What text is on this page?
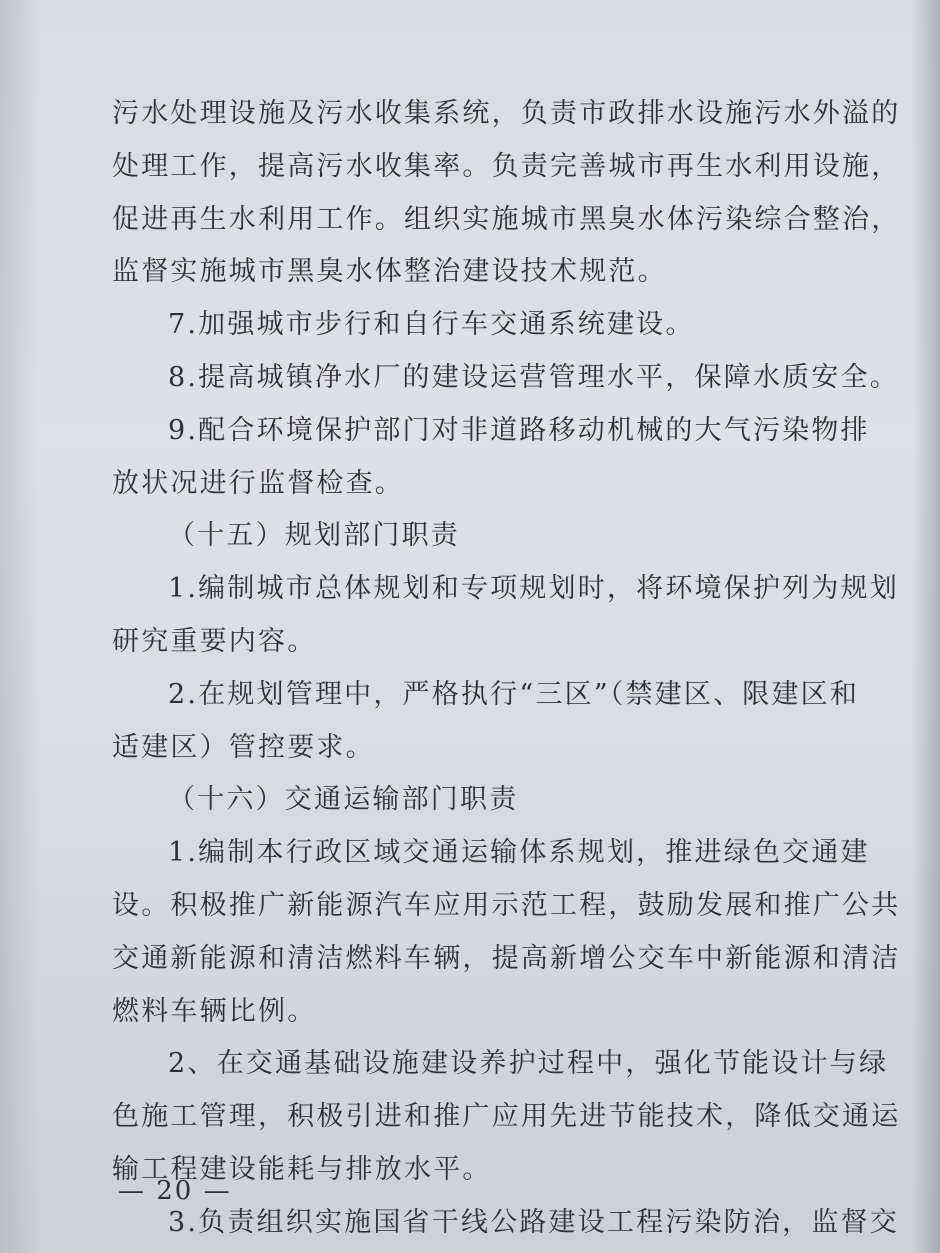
污水处理设施及污水收集系统，负责市政排水设施污水外溢的
处理工作，提高污水收集率。负责完善城市再生水利用设施，
促进再生水利用工作。组织实施城市黑臭水体污染综合整治，
监督实施城市黑臭水体整治建设技术规范。
7.加强城市步行和自行车交通系统建设。
8.提高城镇净水厂的建设运营管理水平，保障水质安全。
9.配合环境保护部门对非道路移动机械的大气污染物排
放状况进行监督检查。
（十五）规划部门职责
1.编制城市总体规划和专项规划时，将环境保护列为规划
研究重要内容。
2.在规划管理中，严格执行“三区”（禁建区、限建区和
适建区）管控要求。
（十六）交通运输部门职责
1.编制本行政区域交通运输体系规划，推进绿色交通建
设。积极推广新能源汽车应用示范工程，鼓励发展和推广公共
交通新能源和清洁燃料车辆，提高新增公交车中新能源和清洁
燃料车辆比例。
2、在交通基础设施建设养护过程中，强化节能设计与绿
色施工管理，积极引进和推广应用先进节能技术，降低交通运
输工程建设能耗与排放水平。
3.负责组织实施国省干线公路建设工程污染防治，监督交
— 20 —
